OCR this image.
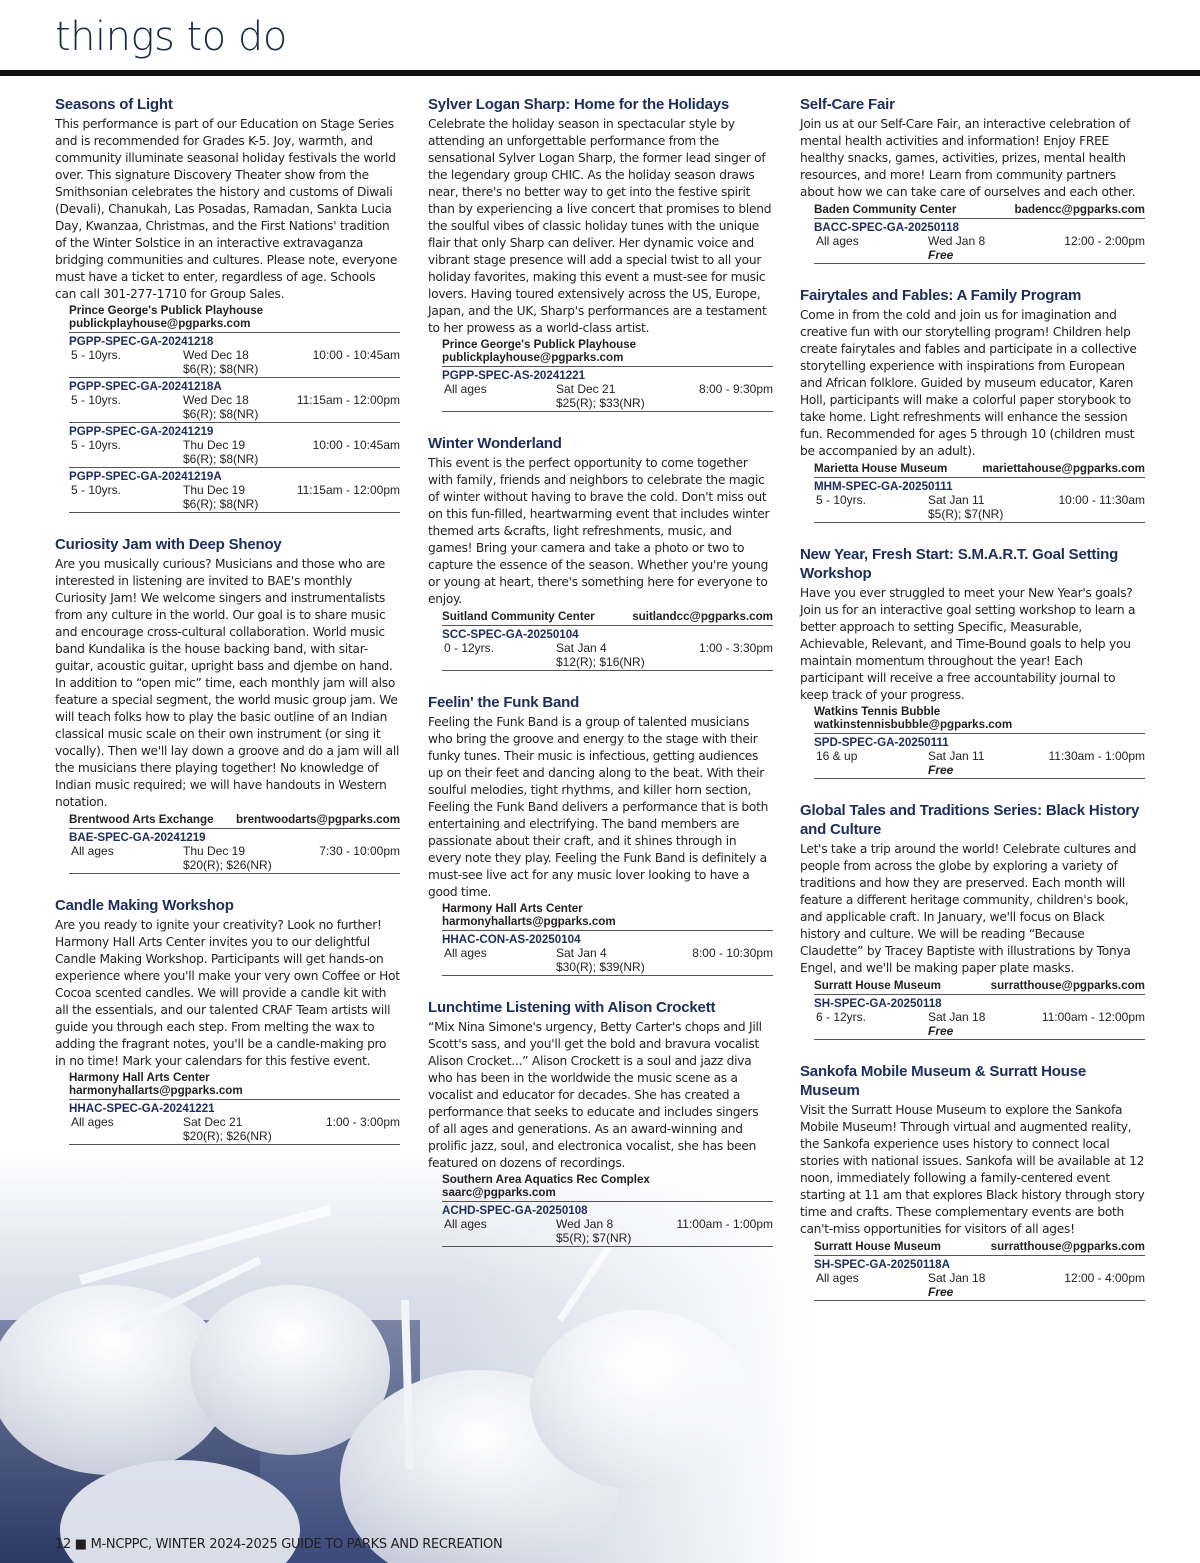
things to do
Seasons of Light

This performance is part of our Education on Stage Series and is recommended for Grades K-5. Joy, warmth, and community illuminate seasonal holiday festivals the world over. This signature Discovery Theater show from the Smithsonian celebrates the history and customs of Diwali (Devali), Chanukah, Las Posadas, Ramadan, Sankta Lucia Day, Kwanzaa, Christmas, and the First Nations' tradition of the Winter Solstice in an interactive extravaganza bridging communities and cultures. Please note, everyone must have a ticket to enter, regardless of age. Schools can call 301-277-1710 for Group Sales.

Prince George's Publick Playhouse
publickplayhouse@pgparks.com
PGPP-SPEC-GA-20241218
5 - 10yrs.	Wed Dec 18	10:00 - 10:45am
$6(R); $8(NR)
PGPP-SPEC-GA-20241218A
5 - 10yrs.	Wed Dec 18	11:15am - 12:00pm
$6(R); $8(NR)
PGPP-SPEC-GA-20241219
5 - 10yrs.	Thu Dec 19	10:00 - 10:45am
$6(R); $8(NR)
PGPP-SPEC-GA-20241219A
5 - 10yrs.	Thu Dec 19	11:15am - 12:00pm
$6(R); $8(NR)
Curiosity Jam with Deep Shenoy

Are you musically curious? Musicians and those who are interested in listening are invited to BAE's monthly Curiosity Jam! We welcome singers and instrumentalists from any culture in the world. Our goal is to share music and encourage cross-cultural collaboration. World music band Kundalika is the house backing band, with sitar-guitar, acoustic guitar, upright bass and djembe on hand. In addition to “open mic” time, each monthly jam will also feature a special segment, the world music group jam. We will teach folks how to play the basic outline of an Indian classical music scale on their own instrument (or sing it vocally). Then we'll lay down a groove and do a jam will all the musicians there playing together! No knowledge of Indian music required; we will have handouts in Western notation.

Brentwood Arts Exchange brentwoodarts@pgparks.com
BAE-SPEC-GA-20241219
All ages	Thu Dec 19	7:30 - 10:00pm
$20(R); $26(NR)
Candle Making Workshop

Are you ready to ignite your creativity? Look no further! Harmony Hall Arts Center invites you to our delightful Candle Making Workshop. Participants will get hands-on experience where you'll make your very own Coffee or Hot Cocoa scented candles. We will provide a candle kit with all the essentials, and our talented CRAF Team artists will guide you through each step. From melting the wax to adding the fragrant notes, you'll be a candle-making pro in no time! Mark your calendars for this festive event.

Harmony Hall Arts Center
harmonyhallarts@pgparks.com
HHAC-SPEC-GA-20241221
All ages	Sat Dec 21	1:00 - 3:00pm
$20(R); $26(NR)
Sylver Logan Sharp: Home for the Holidays

Celebrate the holiday season in spectacular style by attending an unforgettable performance from the sensational Sylver Logan Sharp, the former lead singer of the legendary group CHIC. As the holiday season draws near, there's no better way to get into the festive spirit than by experiencing a live concert that promises to blend the soulful vibes of classic holiday tunes with the unique flair that only Sharp can deliver. Her dynamic voice and vibrant stage presence will add a special twist to all your holiday favorites, making this event a must-see for music lovers. Having toured extensively across the US, Europe, Japan, and the UK, Sharp's performances are a testament to her prowess as a world-class artist.

Prince George's Publick Playhouse
publickplayhouse@pgparks.com
PGPP-SPEC-AS-20241221
All ages	Sat Dec 21	8:00 - 9:30pm
$25(R); $33(NR)
Winter Wonderland

This event is the perfect opportunity to come together with family, friends and neighbors to celebrate the magic of winter without having to brave the cold. Don't miss out on this fun-filled, heartwarming event that includes winter themed arts &crafts, light refreshments, music, and games! Bring your camera and take a photo or two to capture the essence of the season. Whether you're young or young at heart, there's something here for everyone to enjoy.

Suitland Community Center	suitlandcc@pgparks.com
SCC-SPEC-GA-20250104
0 - 12yrs.	Sat Jan 4	1:00 - 3:30pm
$12(R); $16(NR)
Feelin' the Funk Band

Feeling the Funk Band is a group of talented musicians who bring the groove and energy to the stage with their funky tunes. Their music is infectious, getting audiences up on their feet and dancing along to the beat. With their soulful melodies, tight rhythms, and killer horn section, Feeling the Funk Band delivers a performance that is both entertaining and electrifying. The band members are passionate about their craft, and it shines through in every note they play. Feeling the Funk Band is definitely a must-see live act for any music lover looking to have a good time.

Harmony Hall Arts Center
harmonyhallarts@pgparks.com
HHAC-CON-AS-20250104
All ages	Sat Jan 4	8:00 - 10:30pm
$30(R); $39(NR)
Lunchtime Listening with Alison Crockett

“Mix Nina Simone's urgency, Betty Carter's chops and Jill Scott's sass, and you'll get the bold and bravura vocalist Alison Crocket...” Alison Crockett is a soul and jazz diva who has been in the worldwide the music scene as a vocalist and educator for decades. She has created a performance that seeks to educate and includes singers of all ages and generations. As an award-winning and prolific jazz, soul, and electronica vocalist, she has been featured on dozens of recordings.

Southern Area Aquatics Rec Complex
saarc@pgparks.com
ACHD-SPEC-GA-20250108
All ages	Wed Jan 8	11:00am - 1:00pm
$5(R); $7(NR)
Self-Care Fair

Join us at our Self-Care Fair, an interactive celebration of mental health activities and information! Enjoy FREE healthy snacks, games, activities, prizes, mental health resources, and more! Learn from community partners about how we can take care of ourselves and each other.

Baden Community Center	badencc@pgparks.com
BACC-SPEC-GA-20250118
All ages	Wed Jan 8	12:00 - 2:00pm
Free
Fairytales and Fables: A Family Program

Come in from the cold and join us for imagination and creative fun with our storytelling program! Children help create fairytales and fables and participate in a collective storytelling experience with inspirations from European and African folklore. Guided by museum educator, Karen Holl, participants will make a colorful paper storybook to take home. Light refreshments will enhance the session fun. Recommended for ages 5 through 10 (children must be accompanied by an adult).

Marietta House Museum	mariettahouse@pgparks.com
MHM-SPEC-GA-20250111
5 - 10yrs.	Sat Jan 11	10:00 - 11:30am
$5(R); $7(NR)
New Year, Fresh Start: S.M.A.R.T. Goal Setting Workshop

Have you ever struggled to meet your New Year's goals? Join us for an interactive goal setting workshop to learn a better approach to setting Specific, Measurable, Achievable, Relevant, and Time-Bound goals to help you maintain momentum throughout the year! Each participant will receive a free accountability journal to keep track of your progress.

Watkins Tennis Bubble
watkinstennisbubble@pgparks.com
SPD-SPEC-GA-20250111
16 & up	Sat Jan 11	11:30am - 1:00pm
Free
Global Tales and Traditions Series: Black History and Culture

Let's take a trip around the world! Celebrate cultures and people from across the globe by exploring a variety of traditions and how they are preserved. Each month will feature a different heritage community, children's book, and applicable craft. In January, we'll focus on Black history and culture. We will be reading “Because Claudette” by Tracey Baptiste with illustrations by Tonya Engel, and we'll be making paper plate masks.

Surratt House Museum	surratthouse@pgparks.com
SH-SPEC-GA-20250118
6 - 12yrs.	Sat Jan 18	11:00am - 12:00pm
Free
Sankofa Mobile Museum & Surratt House Museum

Visit the Surratt House Museum to explore the Sankofa Mobile Museum! Through virtual and augmented reality, the Sankofa experience uses history to connect local stories with national issues. Sankofa will be available at 12 noon, immediately following a family-centered event starting at 11 am that explores Black history through story time and crafts. These complementary events are both can't-miss opportunities for visitors of all ages!

Surratt House Museum	surratthouse@pgparks.com
SH-SPEC-GA-20250118A
All ages	Sat Jan 18	12:00 - 4:00pm
Free
12 ■ M-NCPPC, WINTER 2024-2025 GUIDE TO PARKS AND RECREATION
